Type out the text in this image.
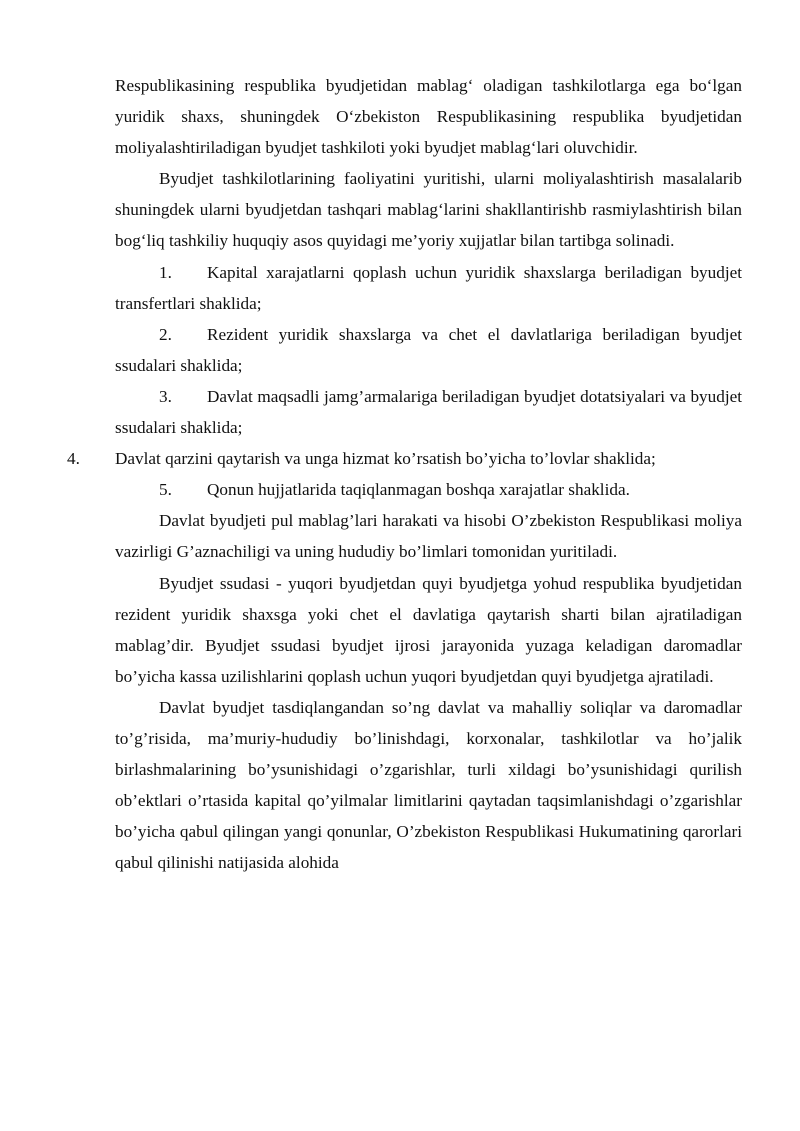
Respublikasining respublika byudjetidan mablag‘ oladigan tashkilotlarga ega bo‘lgan yuridik shaxs, shuningdek O‘zbekiston Respublikasining respublika byudjetidan moliyalashtiriladigan byudjet tashkiloti yoki byudjet mablag‘lari oluvchidir.

Byudjet tashkilotlarining faoliyatini yuritishi, ularni moliyalashtirish masalalarib shuningdek ularni byudjetdan tashqari mablag‘larini shakllantirishb rasmiylashtirish bilan bog‘liq tashkiliy huquqiy asos quyidagi me’yoriy xujjatlar bilan tartibga solinadi.

1. Kapital xarajatlarni qoplash uchun yuridik shaxslarga beriladigan byudjet transfertlari shaklida;

2. Rezident yuridik shaxslarga va chet el davlatlariga beriladigan byudjet ssudalari shaklida;

3. Davlat maqsadli jamg’armalariga beriladigan byudjet dotatsiyalari va byudjet ssudalari shaklida;

4. Davlat qarzini qaytarish va unga hizmat ko’rsatish bo’yicha to’lovlar shaklida;

5. Qonun hujjatlarida taqiqlanmagan boshqa xarajatlar shaklida.

Davlat byudjeti pul mablag’lari harakati va hisobi O’zbekiston Respublikasi moliya vazirligi G’aznachiligi va uning hududiy bo’limlari tomonidan yuritiladi.

Byudjet ssudasi - yuqori byudjetdan quyi byudjetga yohud respublika byudjetidan rezident yuridik shaxsga yoki chet el davlatiga qaytarish sharti bilan ajratiladigan mablag’dir. Byudjet ssudasi byudjet ijrosi jarayonida yuzaga keladigan daromadlar bo’yicha kassa uzilishlarini qoplash uchun yuqori byudjetdan quyi byudjetga ajratiladi.

Davlat byudjet tasdiqlangandan so’ng davlat va mahalliy soliqlar va daromadlar to’g’risida, ma’muriy-hududiy bo’linishdagi, korxonalar, tashkilotlar va ho’jalik birlashmalarining bo’ysunishidagi o’zgarishlar, turli xildagi bo’ysunishidagi qurilish ob’ektlari o’rtasida kapital qo’yilmalar limitlarini qaytadan taqsimlanishdagi o’zgarishlar bo’yicha qabul qilingan yangi qonunlar, O’zbekiston Respublikasi Hukumatining qarorlari qabul qilinishi natijasida alohida
